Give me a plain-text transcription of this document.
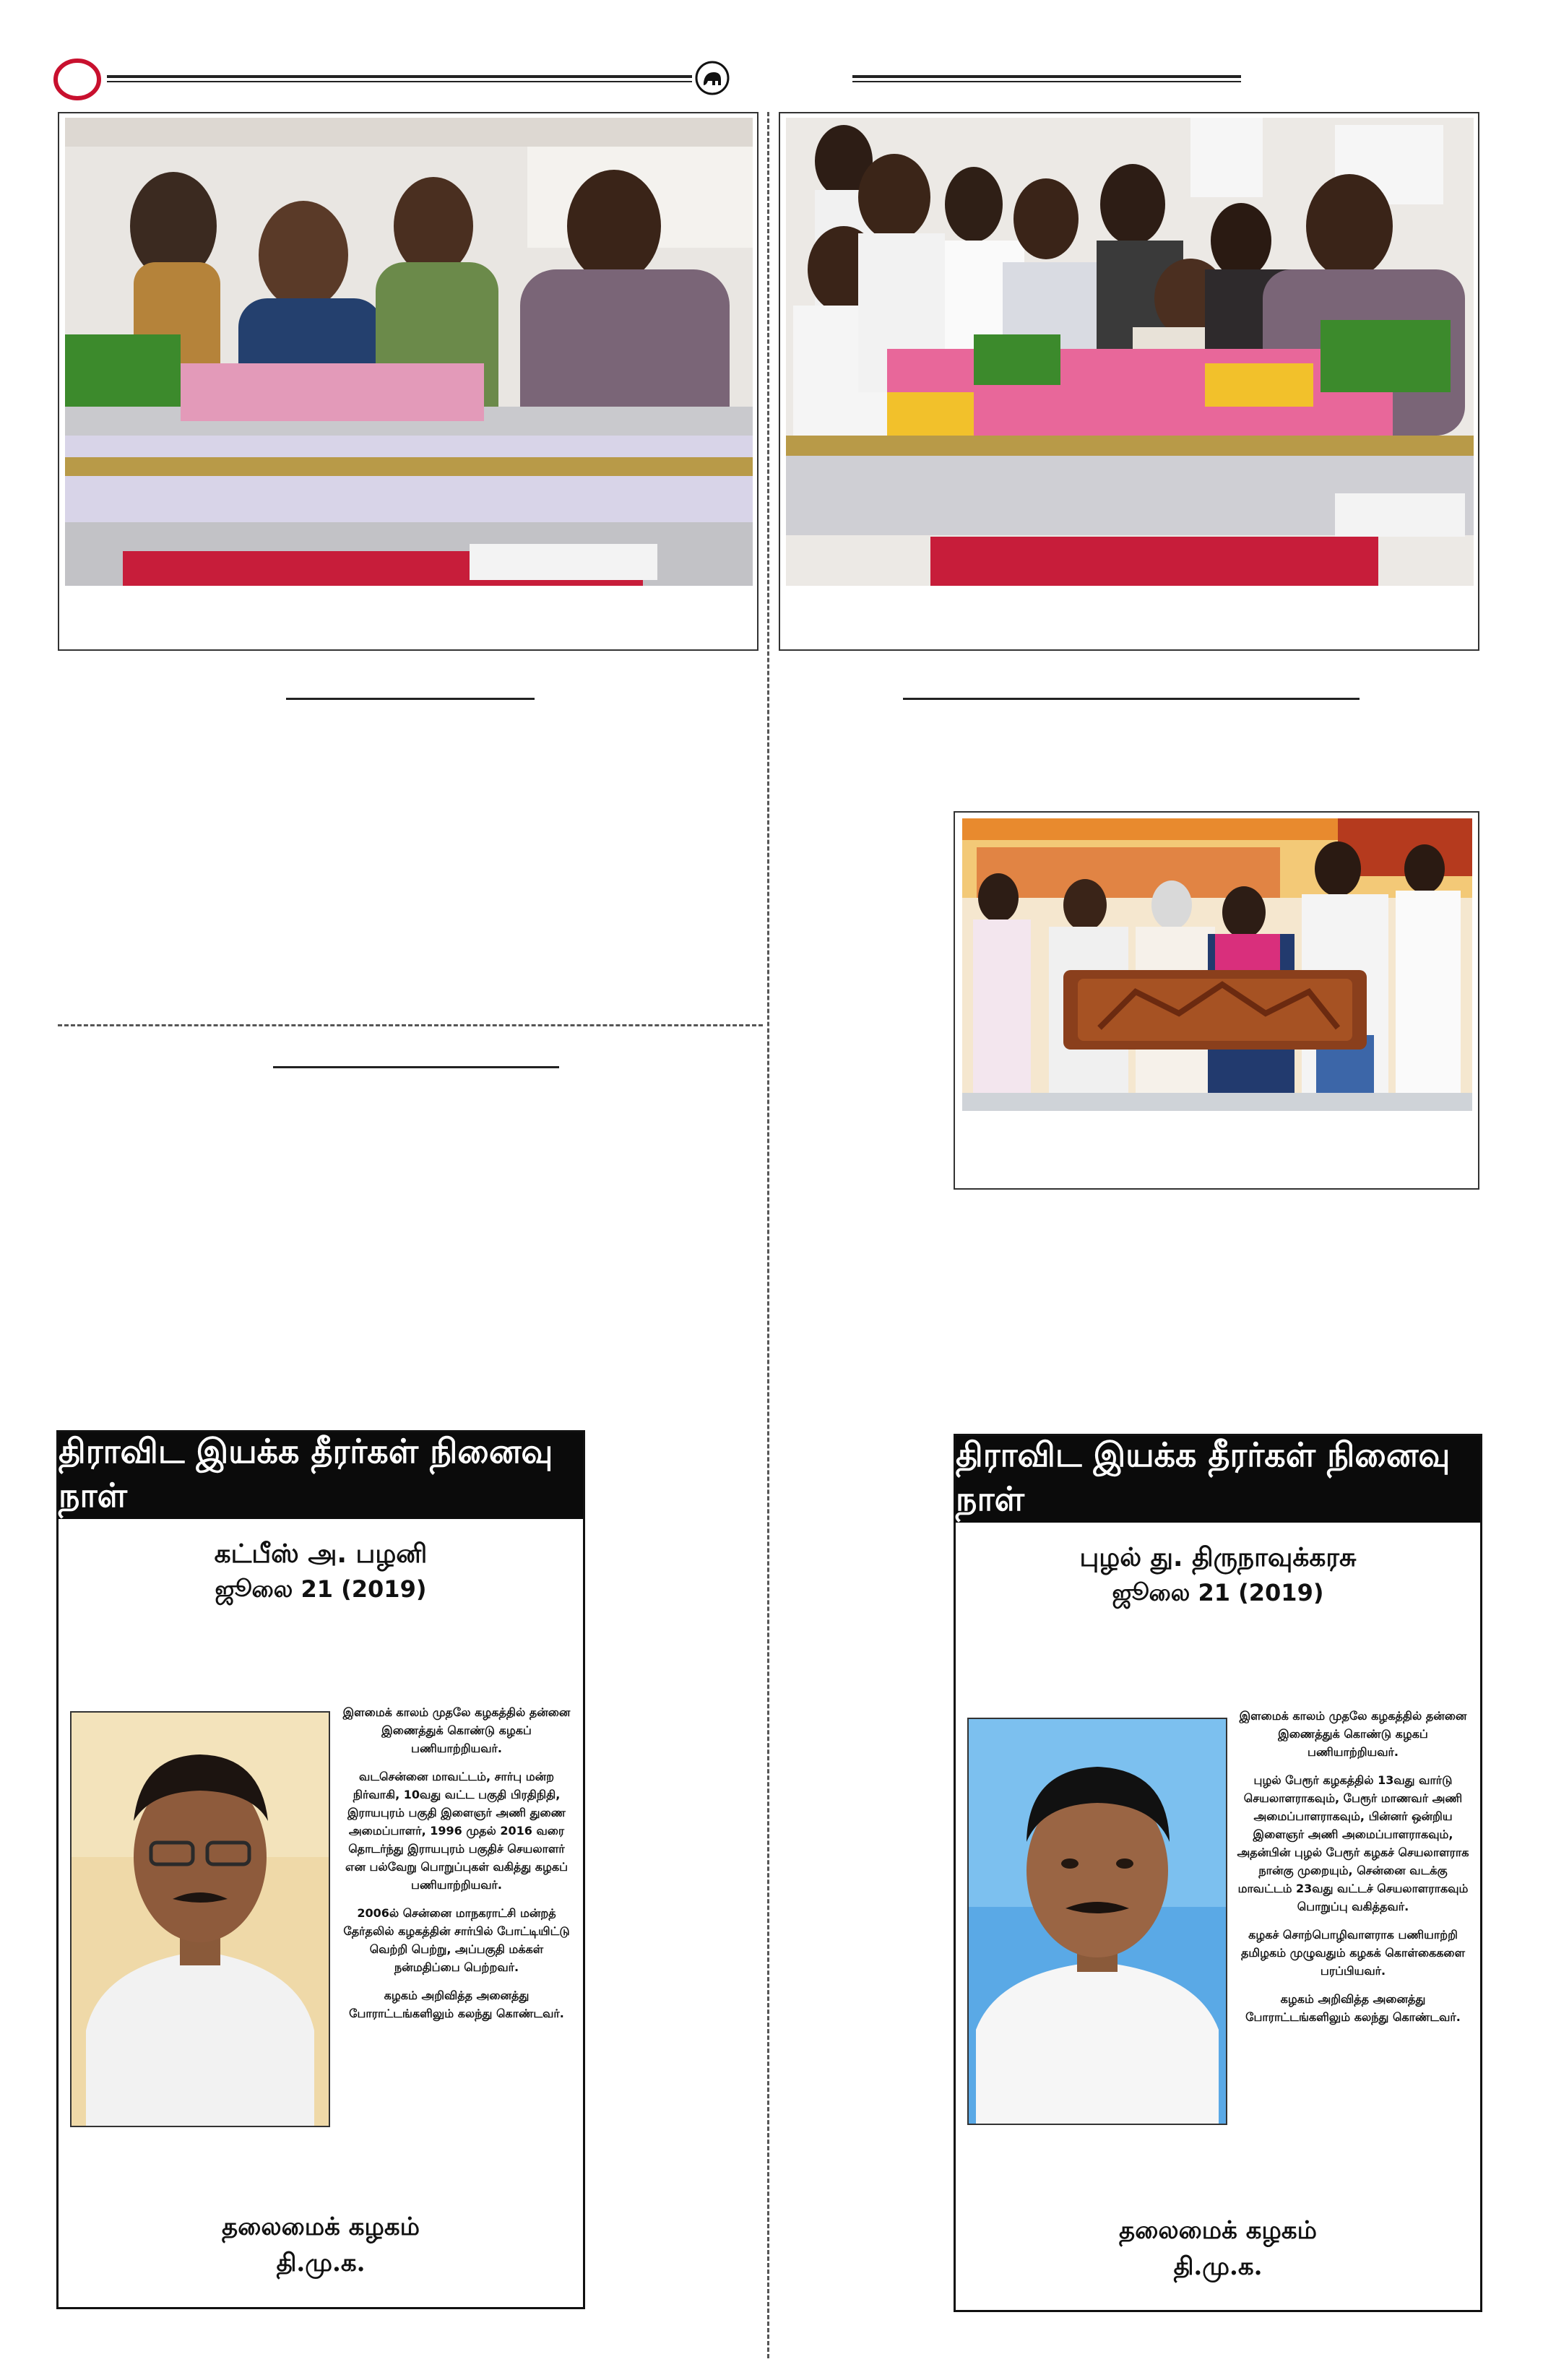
திராவிட இயக்க தீரர்கள் நினைவு நாள்
கட்பீஸ் அ. பழனி
ஜூலை 21 (2019)

இளமைக் காலம் முதலே கழகத்தில் தன்னை இணைத்துக் கொண்டு கழகப் பணியாற்றியவர்.

வடசென்னை மாவட்டம், சார்பு மன்ற நிர்வாகி, 10வது வட்ட பகுதி பிரதிநிதி, இராயபுரம் பகுதி இளைஞர் அணி துணை அமைப்பாளர், 1996 முதல் 2016 வரை தொடர்ந்து இராயபுரம் பகுதிச் செயலாளர் என பல்வேறு பொறுப்புகள் வகித்து கழகப் பணியாற்றியவர்.

2006ல் சென்னை மாநகராட்சி மன்றத் தேர்தலில் கழகத்தின் சார்பில் போட்டியிட்டு வெற்றி பெற்று, அப்பகுதி மக்கள் நன்மதிப்பை பெற்றவர்.

கழகம் அறிவித்த அனைத்து போராட்டங்களிலும் கலந்து கொண்டவர்.

தலைமைக் கழகம்
தி.மு.க.
திராவிட இயக்க தீரர்கள் நினைவு நாள்
புழல் து. திருநாவுக்கரசு
ஜூலை 21 (2019)

இளமைக் காலம் முதலே கழகத்தில் தன்னை இணைத்துக் கொண்டு கழகப் பணியாற்றியவர்.

புழல் பேரூர் கழகத்தில் 13வது வார்டு செயலாளராகவும், பேரூர் மாணவர் அணி அமைப்பாளராகவும், பின்னர் ஒன்றிய இளைஞர் அணி அமைப்பாளராகவும், அதன்பின் புழல் பேரூர் கழகச் செயலாளராக நான்கு முறையும், சென்னை வடக்கு மாவட்டம் 23வது வட்டச் செயலாளராகவும் பொறுப்பு வகித்தவர்.

கழகச் சொற்பொழிவாளராக பணியாற்றி தமிழகம் முழுவதும் கழகக் கொள்கைகளை பரப்பியவர்.

கழகம் அறிவித்த அனைத்து போராட்டங்களிலும் கலந்து கொண்டவர்.

தலைமைக் கழகம்
தி.மு.க.
